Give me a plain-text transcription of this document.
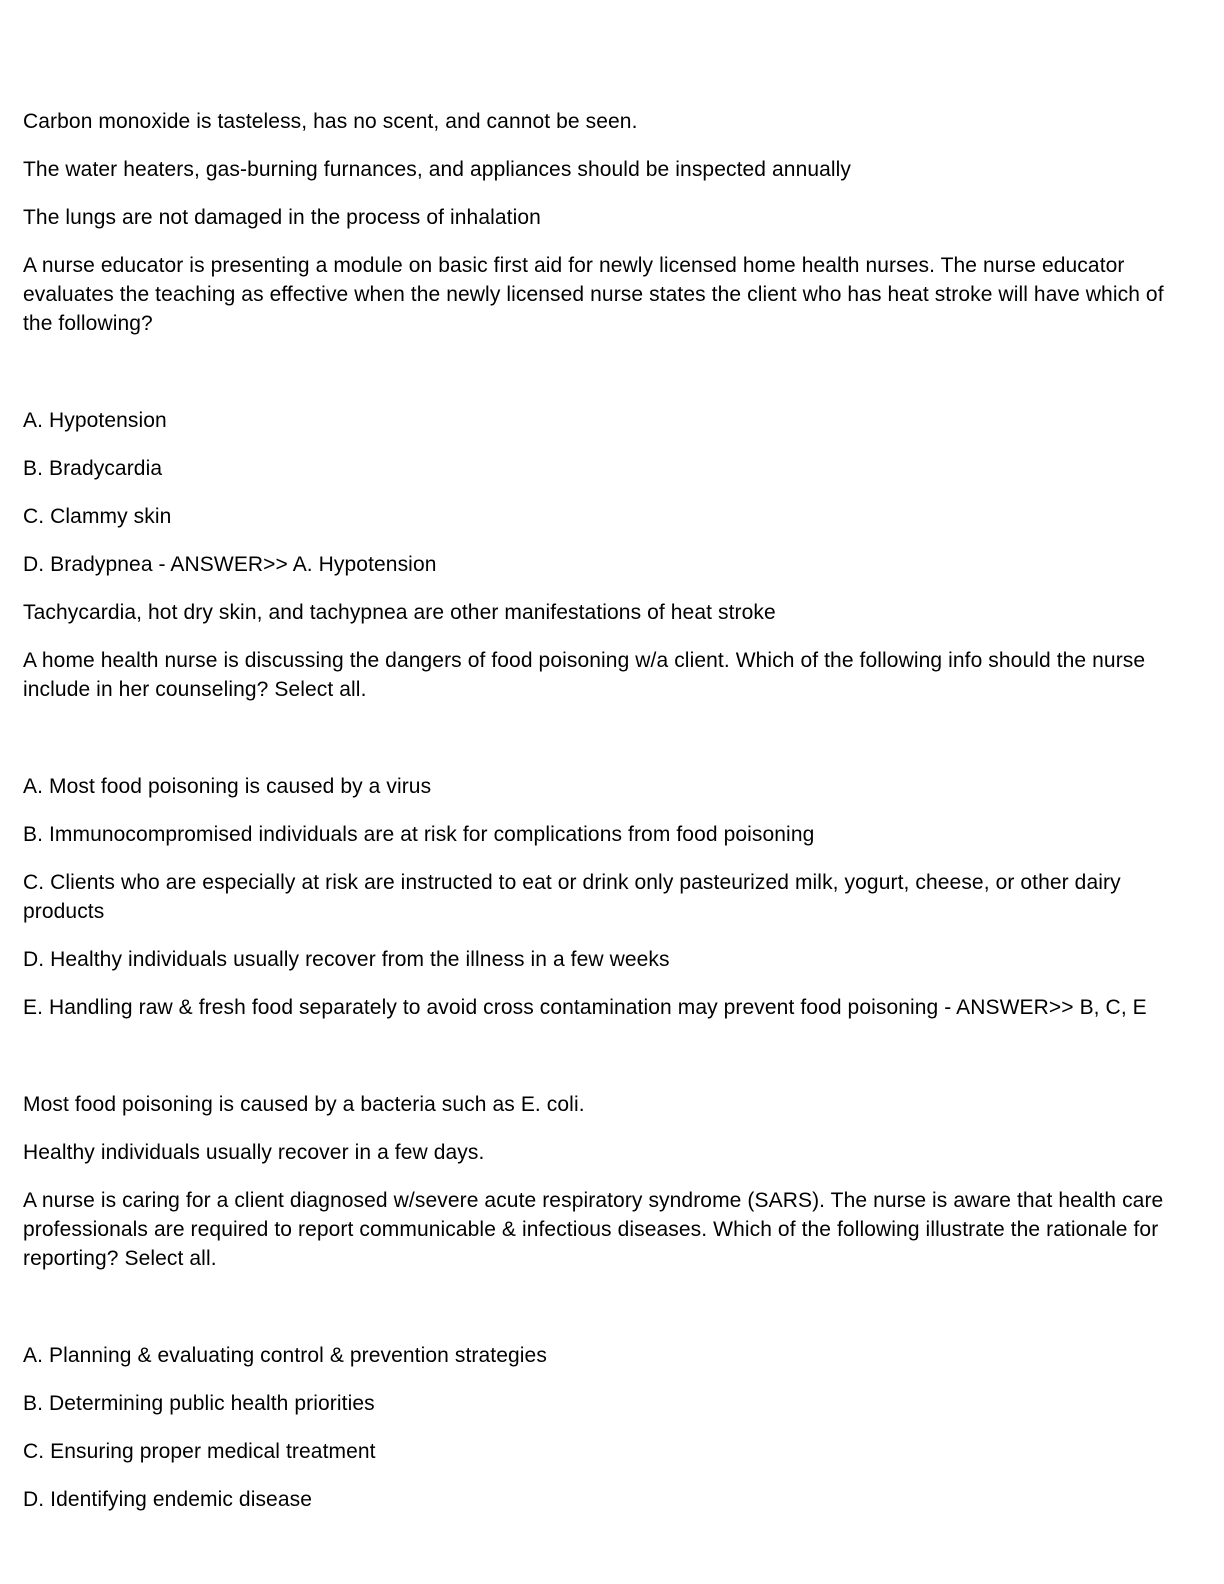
Carbon monoxide is tasteless, has no scent, and cannot be seen.

The water heaters, gas-burning furnances, and appliances should be inspected annually

The lungs are not damaged in the process of inhalation

A nurse educator is presenting a module on basic first aid for newly licensed home health nurses. The nurse educator evaluates the teaching as effective when the newly licensed nurse states the client who has heat stroke will have which of the following?

A. Hypotension

B. Bradycardia

C. Clammy skin

D. Bradypnea - ANSWER>> A. Hypotension

Tachycardia, hot dry skin, and tachypnea are other manifestations of heat stroke

A home health nurse is discussing the dangers of food poisoning w/a client. Which of the following info should the nurse include in her counseling? Select all.

A. Most food poisoning is caused by a virus

B. Immunocompromised individuals are at risk for complications from food poisoning

C. Clients who are especially at risk are instructed to eat or drink only pasteurized milk, yogurt, cheese, or other dairy products

D. Healthy individuals usually recover from the illness in a few weeks

E. Handling raw & fresh food separately to avoid cross contamination may prevent food poisoning - ANSWER>> B, C, E

Most food poisoning is caused by a bacteria such as E. coli.

Healthy individuals usually recover in a few days.

A nurse is caring for a client diagnosed w/severe acute respiratory syndrome (SARS). The nurse is aware that health care professionals are required to report communicable & infectious diseases. Which of the following illustrate the rationale for reporting? Select all.

A. Planning & evaluating control & prevention strategies

B. Determining public health priorities

C. Ensuring proper medical treatment

D. Identifying endemic disease
